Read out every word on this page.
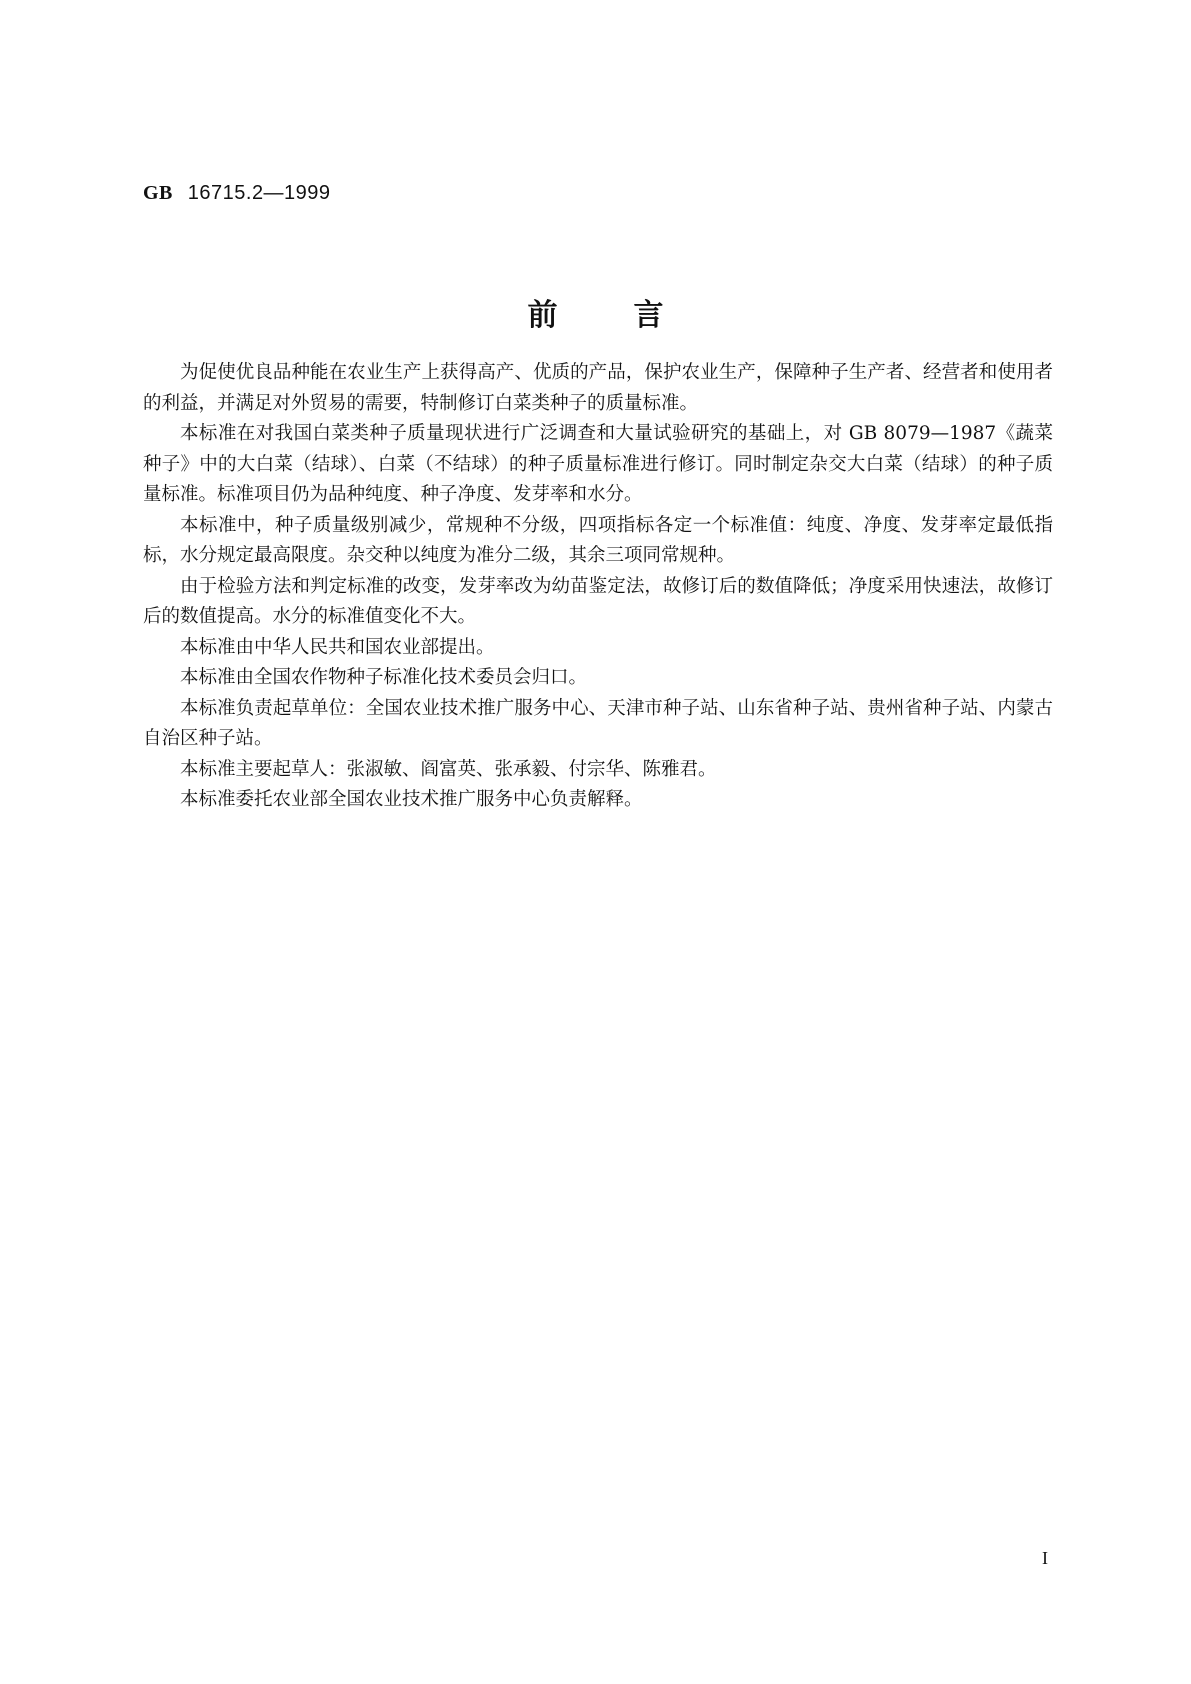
GB 16715.2—1999
前言

为促使优良品种能在农业生产上获得高产、优质的产品，保护农业生产，保障种子生产者、经营者和使用者的利益，并满足对外贸易的需要，特制修订白菜类种子的质量标准。

本标准在对我国白菜类种子质量现状进行广泛调查和大量试验研究的基础上，对 GB 8079—1987《蔬菜种子》中的大白菜（结球）、白菜（不结球）的种子质量标准进行修订。同时制定杂交大白菜（结球）的种子质量标准。标准项目仍为品种纯度、种子净度、发芽率和水分。

本标准中，种子质量级别减少，常规种不分级，四项指标各定一个标准值：纯度、净度、发芽率定最低指标，水分规定最高限度。杂交种以纯度为准分二级，其余三项同常规种。

由于检验方法和判定标准的改变，发芽率改为幼苗鉴定法，故修订后的数值降低；净度采用快速法，故修订后的数值提高。水分的标准值变化不大。

本标准由中华人民共和国农业部提出。

本标准由全国农作物种子标准化技术委员会归口。

本标准负责起草单位：全国农业技术推广服务中心、天津市种子站、山东省种子站、贵州省种子站、内蒙古自治区种子站。

本标准主要起草人：张淑敏、阎富英、张承毅、付宗华、陈雅君。

本标准委托农业部全国农业技术推广服务中心负责解释。

I
